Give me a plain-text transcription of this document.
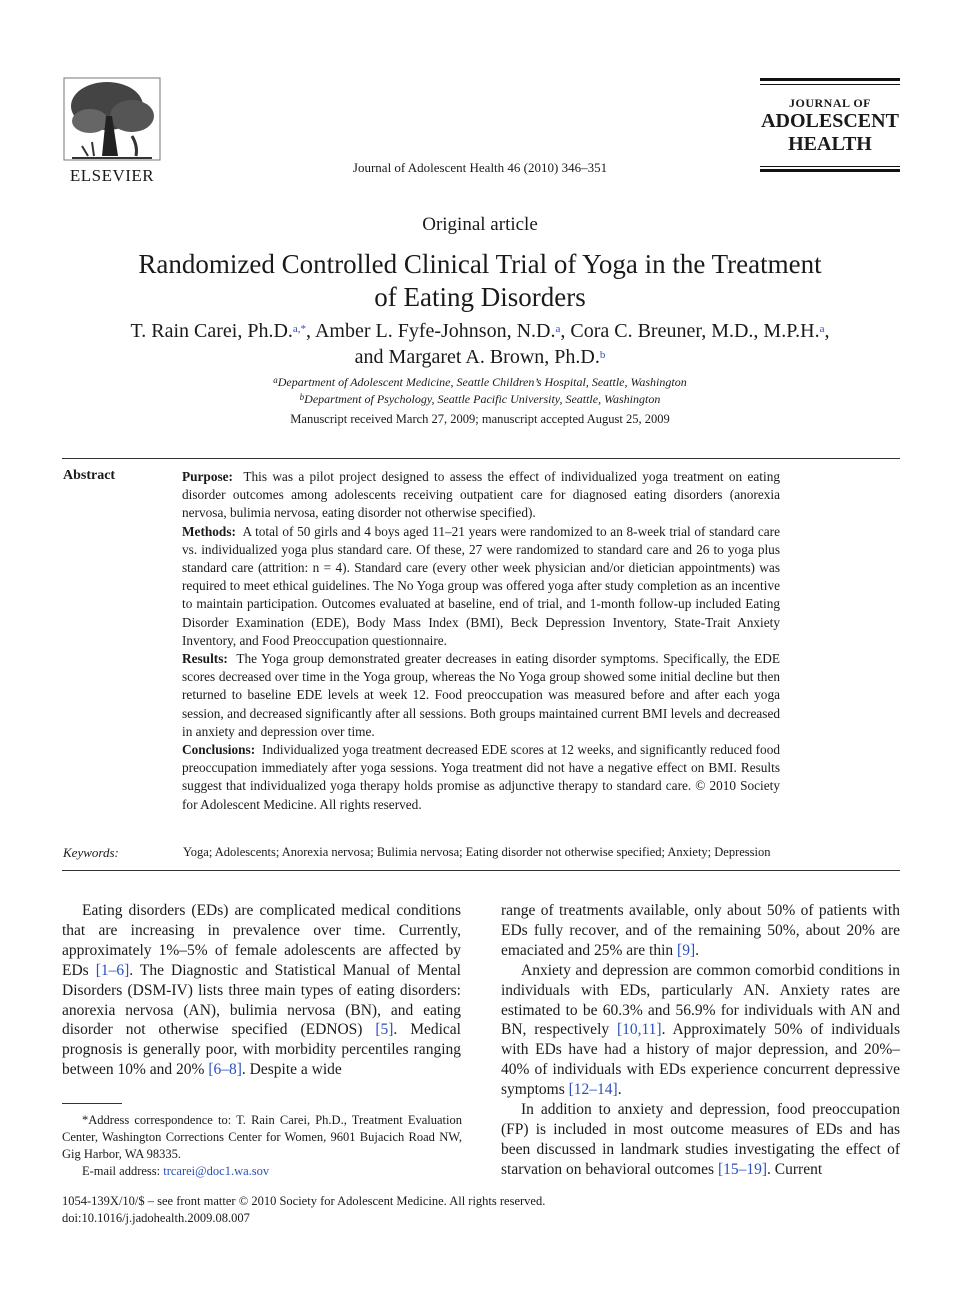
ELSEVIER	Journal of Adolescent Health 46 (2010) 346–351
JOURNAL OF
ADOLESCENT
HEALTH
Original article
Randomized Controlled Clinical Trial of Yoga in the Treatment
of Eating Disorders
T. Rain Carei, Ph.D.$^{a,*}$, Amber L. Fyfe-Johnson, N.D.$^a$, Cora C. Breuner, M.D., M.P.H.$^a$,
and Margaret A. Brown, Ph.D.$^b$
$^a$Department of Adolescent Medicine, Seattle Children’s Hospital, Seattle, Washington
$^b$Department of Psychology, Seattle Pacific University, Seattle, Washington
Manuscript received March 27, 2009; manuscript accepted August 25, 2009
Abstract	Purpose: This was a pilot project designed to assess the effect of individualized yoga treatment on eating disorder outcomes among adolescents receiving outpatient care for diagnosed eating disorders (anorexia nervosa, bulimia nervosa, eating disorder not otherwise specified).

Methods: A total of 50 girls and 4 boys aged 11–21 years were randomized to an 8-week trial of standard care vs. individualized yoga plus standard care. Of these, 27 were randomized to standard care and 26 to yoga plus standard care (attrition: n = 4). Standard care (every other week physician and/or dietician appointments) was required to meet ethical guidelines. The No Yoga group was offered yoga after study completion as an incentive to maintain participation. Outcomes evaluated at baseline, end of trial, and 1-month follow-up included Eating Disorder Examination (EDE), Body Mass Index (BMI), Beck Depression Inventory, State-Trait Anxiety Inventory, and Food Preoccupation questionnaire.

Results: The Yoga group demonstrated greater decreases in eating disorder symptoms. Specifically, the EDE scores decreased over time in the Yoga group, whereas the No Yoga group showed some initial decline but then returned to baseline EDE levels at week 12. Food preoccupation was measured before and after each yoga session, and decreased significantly after all sessions. Both groups maintained current BMI levels and decreased in anxiety and depression over time.

Conclusions: Individualized yoga treatment decreased EDE scores at 12 weeks, and significantly reduced food preoccupation immediately after yoga sessions. Yoga treatment did not have a negative effect on BMI. Results suggest that individualized yoga therapy holds promise as adjunctive therapy to standard care. © 2010 Society for Adolescent Medicine. All rights reserved.

Keywords:	Yoga; Adolescents; Anorexia nervosa; Bulimia nervosa; Eating disorder not otherwise specified; Anxiety; Depression

Eating disorders (EDs) are complicated medical conditions that are increasing in prevalence over time. Currently, approximately 1%–5% of female adolescents are affected by EDs [1–6]. The Diagnostic and Statistical Manual of Mental Disorders (DSM-IV) lists three main types of eating disorders: anorexia nervosa (AN), bulimia nervosa (BN), and eating disorder not otherwise specified (EDNOS) [5]. Medical prognosis is generally poor, with morbidity percentiles ranging between 10% and 20% [6–8]. Despite a wide

range of treatments available, only about 50% of patients with EDs fully recover, and of the remaining 50%, about 20% are emaciated and 25% are thin [9].

Anxiety and depression are common comorbid conditions in individuals with EDs, particularly AN. Anxiety rates are estimated to be 60.3% and 56.9% for individuals with AN and BN, respectively [10,11]. Approximately 50% of individuals with EDs have had a history of major depression, and 20%–40% of individuals with EDs experience concurrent depressive symptoms [12–14].

In addition to anxiety and depression, food preoccupation (FP) is included in most outcome measures of EDs and has been discussed in landmark studies investigating the effect of starvation on behavioral outcomes [15–19]. Current

*Address correspondence to: T. Rain Carei, Ph.D., Treatment Evaluation Center, Washington Corrections Center for Women, 9601 Bujacich Road NW, Gig Harbor, WA 98335.

E-mail address: trcarei@doc1.wa.sov

1054-139X/10/$ – see front matter © 2010 Society for Adolescent Medicine. All rights reserved.
doi:10.1016/j.jadohealth.2009.08.007
